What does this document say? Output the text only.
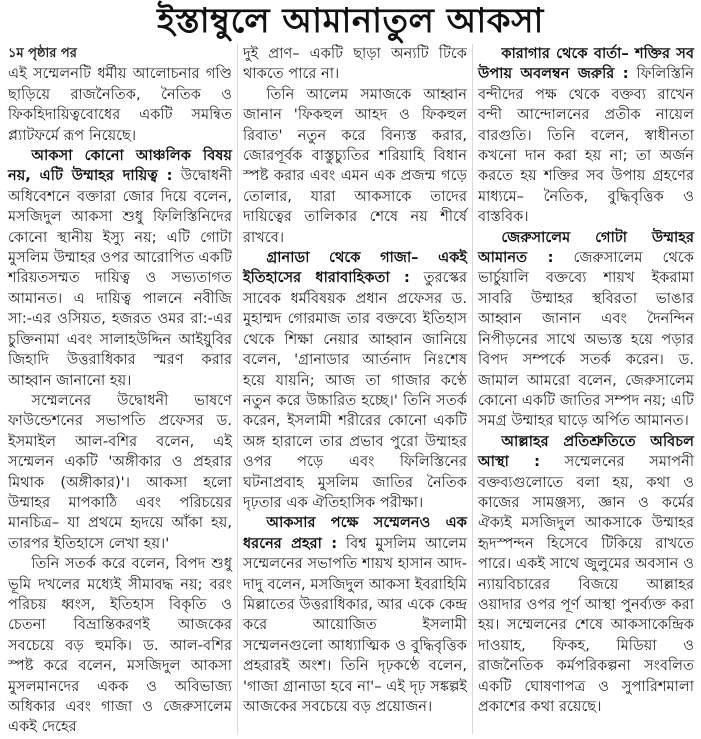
ইস্তাম্বুলে আমানাতুল আকসা
১ম পৃষ্ঠার পর

এই সম্মেলনটি ধর্মীয় আলোচনার গণ্ডি ছাড়িয়ে রাজনৈতিক, নৈতিক ও ফিকহিদায়িত্ববোধের একটি সমন্বিত প্ল্যাটফর্মে রূপ নিয়েছে।

আকসা কোনো আঞ্চলিক বিষয় নয়, এটি উম্মাহর দায়িত্ব : উদ্বোধনী অধিবেশনে বক্তারা জোর দিয়ে বলেন, মসজিদুল আকসা শুধু ফিলিস্তিনিদের কোনো স্থানীয় ইস্যু নয়; এটি গোটা মুসলিম উম্মাহর ওপর আরোপিত একটি শরিয়তসম্মত দায়িত্ব ও সভ্যতাগত আমানত। এ দায়িত্ব পালনে নবীজি সা:-এর ওসিয়ত, হজরত ওমর রা:-এর চুক্তিনামা এবং সালাহউদ্দিন আইয়ুবির জিহাদি উত্তরাধিকার স্মরণ করার আহ্বান জানানো হয়।

সম্মেলনের উদ্বোধনী ভাষণে ফাউন্ডেশনের সভাপতি প্রফেসর ড. ইসমাইল আল-বশির বলেন, এই সম্মেলন একটি 'অঙ্গীকার ও প্রহরার মিথাক (অঙ্গীকার)'। আকসা হলো উম্মাহর মাপকাঠি এবং পরিচয়ের মানচিত্র– যা প্রথমে হৃদয়ে আঁকা হয়, তারপর ইতিহাসে লেখা হয়।'

তিনি সতর্ক করে বলেন, বিপদ শুধু ভূমি দখলের মধ্যেই সীমাবদ্ধ নয়; বরং পরিচয় ধ্বংস, ইতিহাস বিকৃতি ও চেতনা বিভ্রান্তিকরণই আজকের সবচেয়ে বড় হুমকি। ড. আল-বশির স্পষ্ট করে বলেন, মসজিদুল আকসা মুসলমানদের একক ও অবিভাজ্য অধিকার এবং গাজা ও জেরুসালেম একই দেহের

দুই প্রাণ– একটি ছাড়া অন্যটি টিকে থাকতে পারে না।

তিনি আলেম সমাজকে আহ্বান জানান 'ফিকহুল আহদ ও ফিকহুল রিবাত' নতুন করে বিন্যস্ত করার, জোরপূর্বক বাস্তুচ্যুতির শরিয়াহি বিধান স্পষ্ট করার এবং এমন এক প্রজন্ম গড়ে তোলার, যারা আকসাকে তাদের দায়িত্বের তালিকার শেষে নয় শীর্ষে রাখবে।

গ্রানাডা থেকে গাজা– একই ইতিহাসের ধারাবাহিকতা : তুরস্কের সাবেক ধর্মবিষয়ক প্রধান প্রফেসর ড. মুহাম্মদ গোরমাজ তার বক্তব্যে ইতিহাস থেকে শিক্ষা নেয়ার আহ্বান জানিয়ে বলেন, 'গ্রানাডার আর্তনাদ নিঃশেষ হয়ে যায়নি; আজ তা গাজার কণ্ঠে নতুন করে উচ্চারিত হচ্ছে।' তিনি সতর্ক করেন, ইসলামী শরীরের কোনো একটি অঙ্গ হারালে তার প্রভাব পুরো উম্মাহর ওপর পড়ে এবং ফিলিস্তিনের ঘটনাপ্রবাহ মুসলিম জাতির নৈতিক দৃঢ়তার এক ঐতিহাসিক পরীক্ষা।

আকসার পক্ষে সম্মেলনও এক ধরনের প্রহরা : বিশ্ব মুসলিম আলেম সম্মেলনের সভাপতি শায়খ হাসান আদ-দাদু বলেন, মসজিদুল আকসা ইবরাহিমি মিল্লাতের উত্তরাধিকার, আর একে কেন্দ্র করে আয়োজিত ইসলামী সম্মেলনগুলো আধ্যাত্মিক ও বুদ্ধিবৃত্তিক প্রহরারই অংশ। তিনি দৃঢ়কণ্ঠে বলেন, 'গাজা গ্রানাডা হবে না'– এই দৃঢ় সঙ্কল্পই আজকের সবচেয়ে বড় প্রয়োজন।

কারাগার থেকে বার্তা– শক্তির সব উপায় অবলম্বন জরুরি : ফিলিস্তিনি বন্দীদের পক্ষ থেকে বক্তব্য রাখেন বন্দী আন্দোলনের প্রতীক নায়েল বারগুতি। তিনি বলেন, স্বাধীনতা কখনো দান করা হয় না; তা অর্জন করতে হয় শক্তির সব উপায় গ্রহণের মাধ্যমে– নৈতিক, বুদ্ধিবৃত্তিক ও বাস্তবিক।

জেরুসালেম গোটা উম্মাহর আমানত : জেরুসালেম থেকে ভার্চুয়ালি বক্তব্যে শায়খ ইকরামা সাবরি উম্মাহর স্থবিরতা ভাঙার আহ্বান জানান এবং দৈনন্দিন নিপীড়নের সাথে অভ্যস্ত হয়ে পড়ার বিপদ সম্পর্কে সতর্ক করেন। ড. জামাল আমরো বলেন, জেরুসালেম কোনো একটি জাতির সম্পদ নয়; এটি সমগ্র উম্মাহর ঘাড়ে অর্পিত আমানত।

আল্লাহর প্রতিশ্রুতিতে অবিচল আস্থা : সম্মেলনের সমাপনী বক্তব্যগুলোতে বলা হয়, কথা ও কাজের সামঞ্জস্য, জ্ঞান ও কর্মের ঐক্যই মসজিদুল আকসাকে উম্মাহর হৃদস্পন্দন হিসেবে টিকিয়ে রাখতে পারে। একই সাথে জুলুমের অবসান ও ন্যায়বিচারের বিজয়ে আল্লাহর ওয়াদার ওপর পূর্ণ আস্থা পুনর্ব্যক্ত করা হয়। সম্মেলনের শেষে আকসাকেন্দ্রিক দাওয়াহ, ফিকহ, মিডিয়া ও রাজনৈতিক কর্মপরিকল্পনা সংবলিত একটি ঘোষণাপত্র ও সুপারিশমালা প্রকাশের কথা রয়েছে।
